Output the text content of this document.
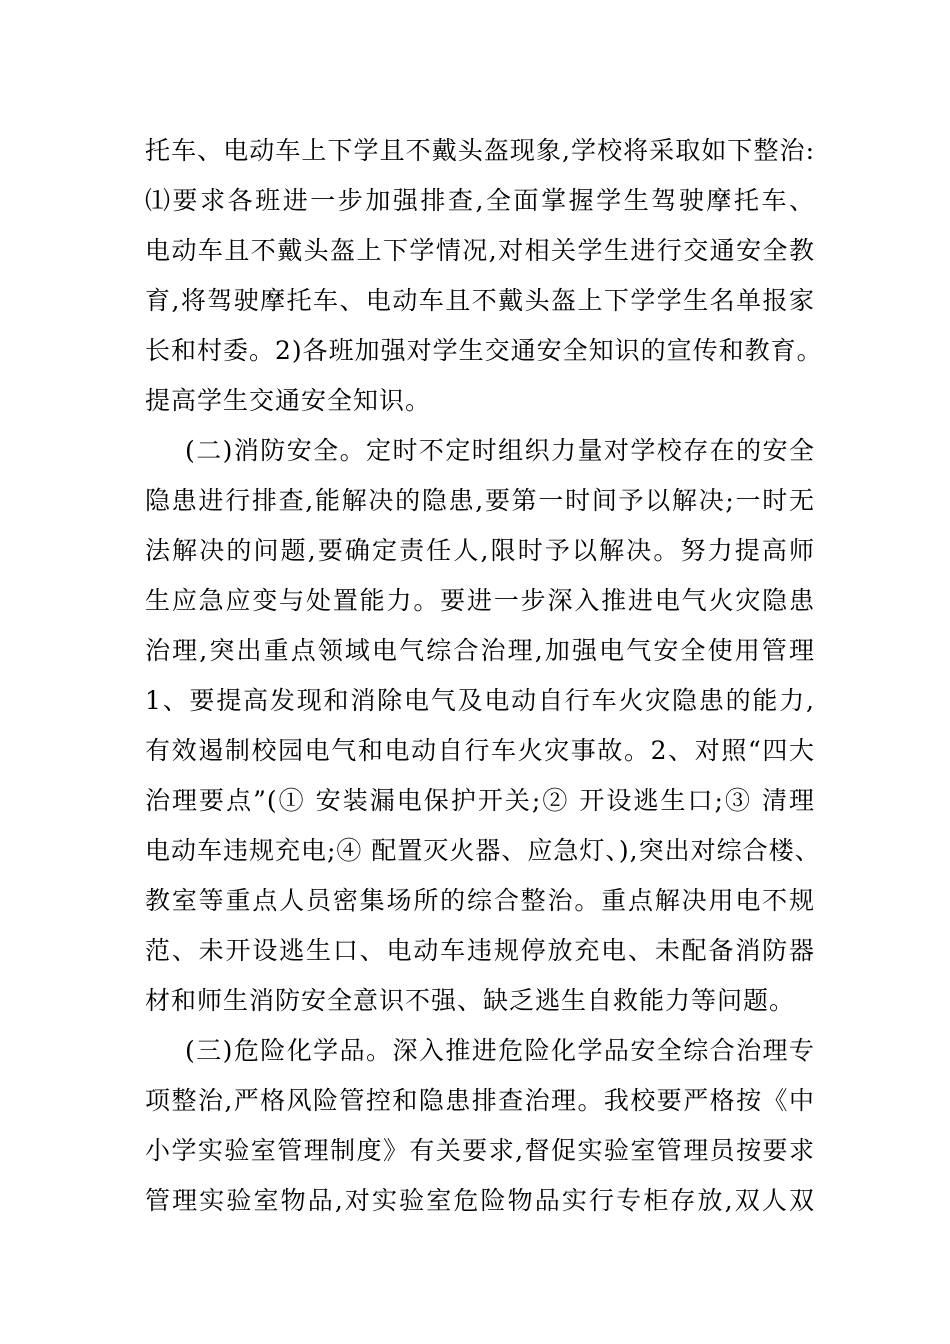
托车、电动车上下学且不戴头盔现象,学校将采取如下整治:
⑴要求各班进一步加强排查,全面掌握学生驾驶摩托车、
电动车且不戴头盔上下学情况,对相关学生进行交通安全教
育,将驾驶摩托车、电动车且不戴头盔上下学学生名单报家
长和村委。2)各班加强对学生交通安全知识的宣传和教育。
提高学生交通安全知识。
(二)消防安全。定时不定时组织力量对学校存在的安全
隐患进行排查,能解决的隐患,要第一时间予以解决;一时无
法解决的问题,要确定责任人,限时予以解决。努力提高师
生应急应变与处置能力。要进一步深入推进电气火灾隐患
治理,突出重点领域电气综合治理,加强电气安全使用管理
1、要提高发现和消除电气及电动自行车火灾隐患的能力,
有效遏制校园电气和电动自行车火灾事故。2、对照“四大
治理要点”(① 安装漏电保护开关;② 开设逃生口;③ 清理
电动车违规充电;④ 配置灭火器、应急灯、),突出对综合楼、
教室等重点人员密集场所的综合整治。重点解决用电不规
范、未开设逃生口、电动车违规停放充电、未配备消防器
材和师生消防安全意识不强、缺乏逃生自救能力等问题。
(三)危险化学品。深入推进危险化学品安全综合治理专
项整治,严格风险管控和隐患排查治理。我校要严格按《中
小学实验室管理制度》有关要求,督促实验室管理员按要求
管理实验室物品,对实验室危险物品实行专柜存放,双人双
